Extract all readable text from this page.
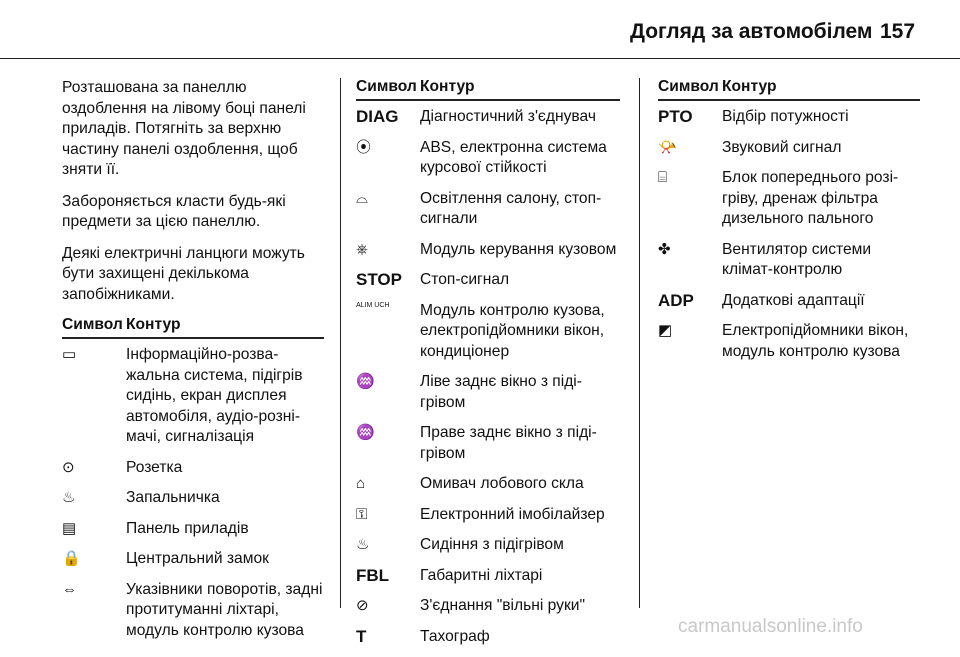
Догляд за автомобілем 157

Розташована за панеллю оздоблення на лівому боці панелі приладів. Потягніть за верхню частину панелі оздоблення, щоб зняти її.

Забороняється класти будь-які предмети за цією панеллю.

Деякі електричні ланцюги можуть бути захищені декількома запобіжниками.

Символ Контур
▭	Інформаційно-розва-жальна система, підігрів сидінь, екран дисплея автомобіля, аудіо-розні-мачі, сигналізація
⊙	Розетка
♨	Запальничка
▤	Панель приладів
🔒	Центральний замок
⇔	Указівники поворотів, задні протитуманні ліхтарі, модуль контролю кузова
Символ Контур
DIAG	Діагностичний з'єднувач
⦿	ABS, електронна система курсової стійкості
⌓	Освітлення салону, стоп-сигнали
⎈	Модуль керування кузовом
STOP	Стоп-сигнал
ALIM UCH	Модуль контролю кузова, електропідйомники вікон, кондиціонер
♒	Ліве заднє вікно з піді-грівом
♒	Праве заднє вікно з піді-грівом
⌂	Омивач лобового скла
⚿	Електронний імобілайзер
♨	Сидіння з підігрівом
FBL	Габаритні ліхтарі
⊘	З'єднання "вільні руки"
T	Тахограф
Символ Контур
PTO	Відбір потужності
📯	Звуковий сигнал
⌸	Блок попереднього розі-гріву, дренаж фільтра дизельного пального
✤	Вентилятор системи клімат-контролю
ADP	Додаткові адаптації
◩	Електропідйомники вікон, модуль контролю кузова
carmanualsonline.info
